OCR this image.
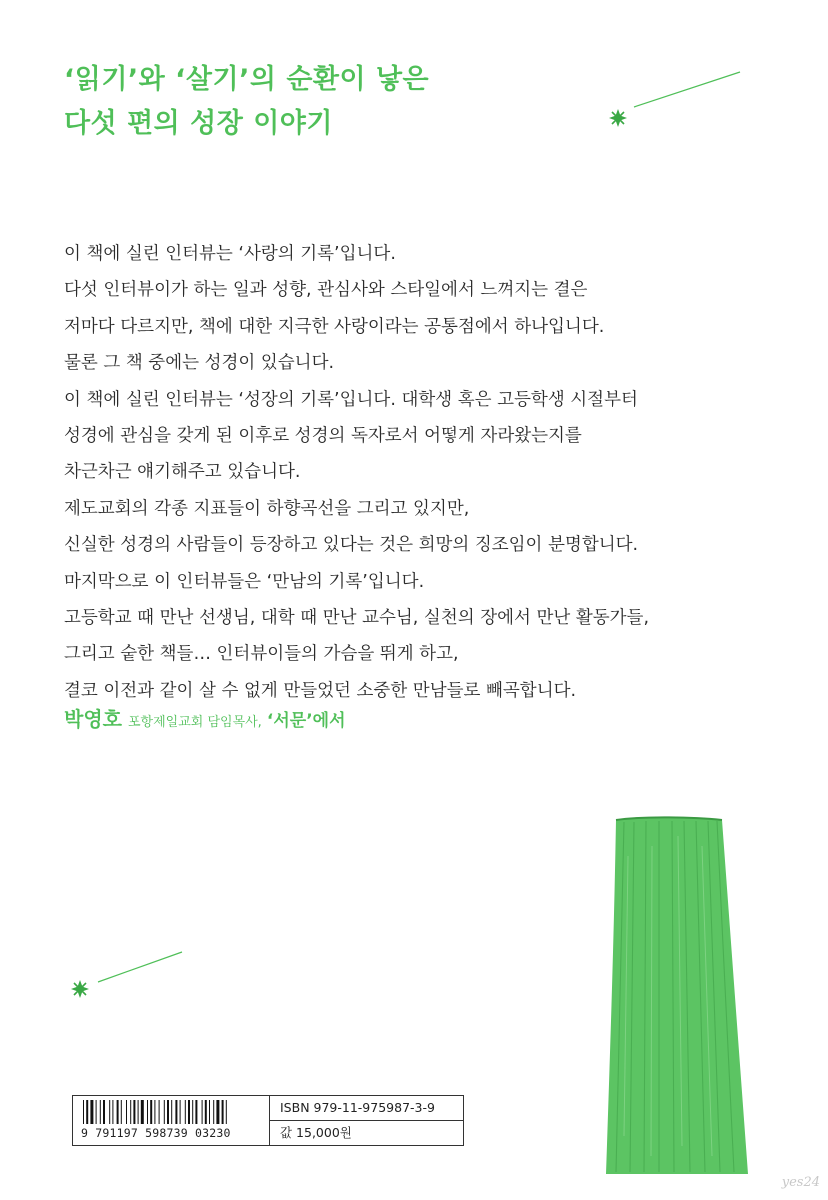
‘읽기’와 ‘살기’의 순환이 낳은
다섯 편의 성장 이야기
이 책에 실린 인터뷰는 ‘사랑의 기록’입니다.
다섯 인터뷰이가 하는 일과 성향, 관심사와 스타일에서 느껴지는 결은
저마다 다르지만, 책에 대한 지극한 사랑이라는 공통점에서 하나입니다.
물론 그 책 중에는 성경이 있습니다.
이 책에 실린 인터뷰는 ‘성장의 기록’입니다. 대학생 혹은 고등학생 시절부터
성경에 관심을 갖게 된 이후로 성경의 독자로서 어떻게 자라왔는지를
차근차근 얘기해주고 있습니다.
제도교회의 각종 지표들이 하향곡선을 그리고 있지만,
신실한 성경의 사람들이 등장하고 있다는 것은 희망의 징조임이 분명합니다.
마지막으로 이 인터뷰들은 ‘만남의 기록’입니다.
고등학교 때 만난 선생님, 대학 때 만난 교수님, 실천의 장에서 만난 활동가들,
그리고 숱한 책들… 인터뷰이들의 가슴을 뛰게 하고,
결코 이전과 같이 살 수 없게 만들었던 소중한 만남들로 빼곡합니다.
박영호 포항제일교회 담임목사, ‘서문’에서
9 791197 598739 03230
ISBN 979-11-975987-3-9
값 15,000원
yes24
